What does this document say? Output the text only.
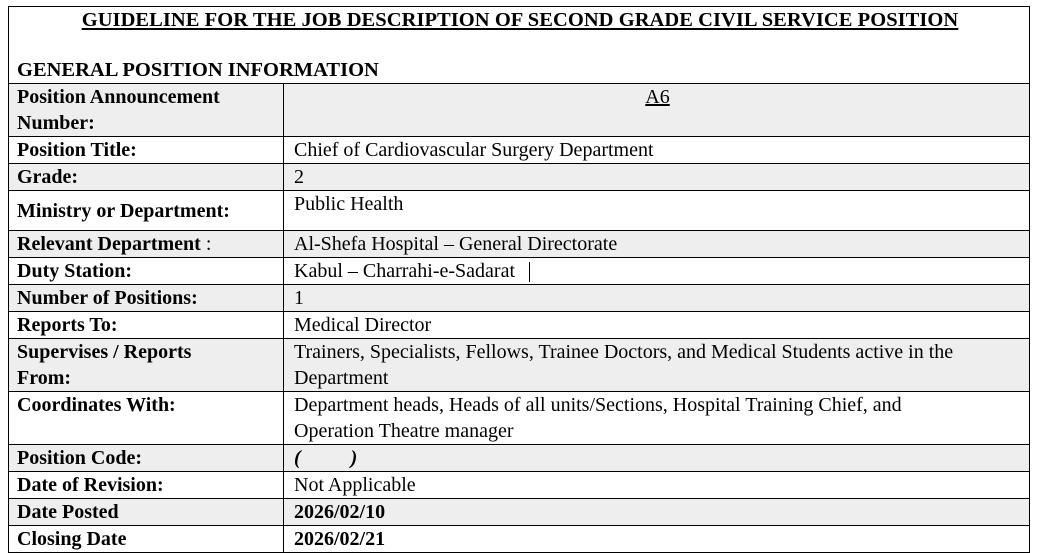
GUIDELINE FOR THE JOB DESCRIPTION OF SECOND GRADE CIVIL SERVICE POSITION
GENERAL POSITION INFORMATION
Position Announcement
Number:	A6
Position Title:	Chief of Cardiovascular Surgery Department
Grade:	2
Ministry or Department:	Public Health
Relevant Department :	Al-Shefa Hospital – General Directorate
Duty Station:	Kabul – Charrahi-e-Sadarat
Number of Positions:	1
Reports To:	Medical Director
Supervises / Reports
From:	Trainers, Specialists, Fellows, Trainee Doctors, and Medical Students active in the
Department
Coordinates With:	Department heads, Heads of all units/Sections, Hospital Training Chief, and
Operation Theatre manager
Position Code:	(          )
Date of Revision:	Not Applicable
Date Posted	2026/02/10
Closing Date	2026/02/21
